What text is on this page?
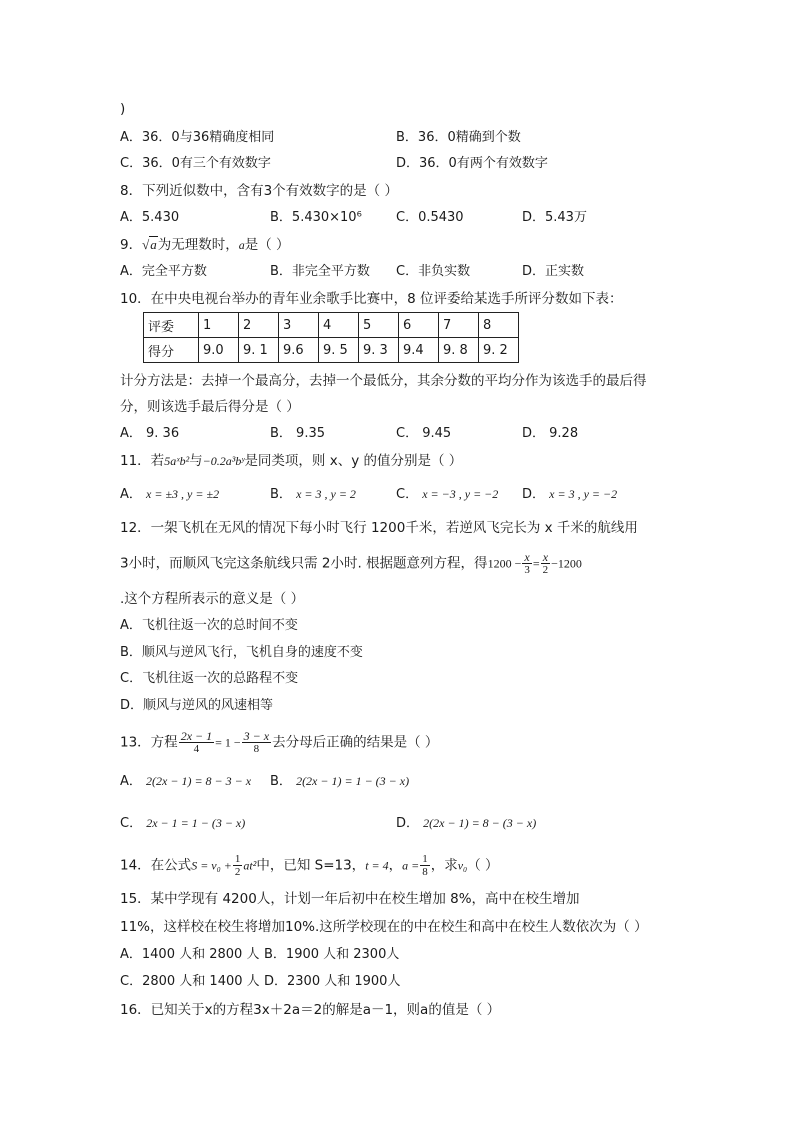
)
A．36．0与36精确度相同	B．36．0精确到个数
C．36．0有三个有效数字	D．36．0有两个有效数字
8．下列近似数中，含有3个有效数字的是（ ）
A．5.430	B．5.430×10⁶	C．0.5430	D．5.43万
9．√a为无理数时，a是（ ）
A．完全平方数	B．非完全平方数 C．非负实数	D．正实数
10．在中央电视台举办的青年业余歌手比赛中，8 位评委给某选手所评分数如下表：
评委	1	2	3	4	5	6	7	8
得分	9.0	9. 1	9.6	9. 5	9. 3	9.4	9. 8	9. 2
计分方法是：去掉一个最高分，去掉一个最低分，其余分数的平均分作为该选手的最后得
分，则该选手最后得分是（ ）
A． 9. 36	B． 9.35	C． 9.45	D． 9.28
11．若5aˣb²与−0.2a³bʸ是同类项，则 x、y 的值分别是（ ）
A． x = ±3 , y = ±2	B． x = 3 , y = 2	C． x = −3 , y = −2 D． x = 3 , y = −2
12．一架飞机在无风的情况下每小时飞行 1200千米，若逆风飞完长为 x 千米的航线用
3小时，而顺风飞完这条航线只需 2小时. 根据题意列方程，得$1200 - \frac{x}{3} = \frac{x}{2} -1200$
.这个方程所表示的意义是（ ）
A．飞机往返一次的总时间不变
B．顺风与逆风飞行，飞机自身的速度不变
C．飞机往返一次的总路程不变
D．顺风与逆风的风速相等
13．方程 $\frac{2x - 1}{4} = 1 - \frac{3 - x}{8}$ 去分母后正确的结果是（ ）
A． 2(2x − 1) = 8 − 3 − x B． 2(2x − 1) = 1 − (3 − x)
C． 2x − 1 = 1 − (3 − x)	D． 2(2x − 1) = 8 − (3 − x)
14．在公式$S = v_0 + \frac{1}{2} at^2$中，已知 S=13，t = 4，$a = \frac{1}{8}$ ，求v₀（ ）
15．某中学现有 4200人，计划一年后初中在校生增加 8%，高中在校生增加
11%，这样校在校生将增加10%.这所学校现在的中在校生和高中在校生人数依次为（ ）
A．1400 人和 2800 人 B．1900 人和 2300人
C．2800 人和 1400 人 D．2300 人和 1900人
16．已知关于x的方程3x＋2a＝2的解是a－1，则a的值是（ ）
